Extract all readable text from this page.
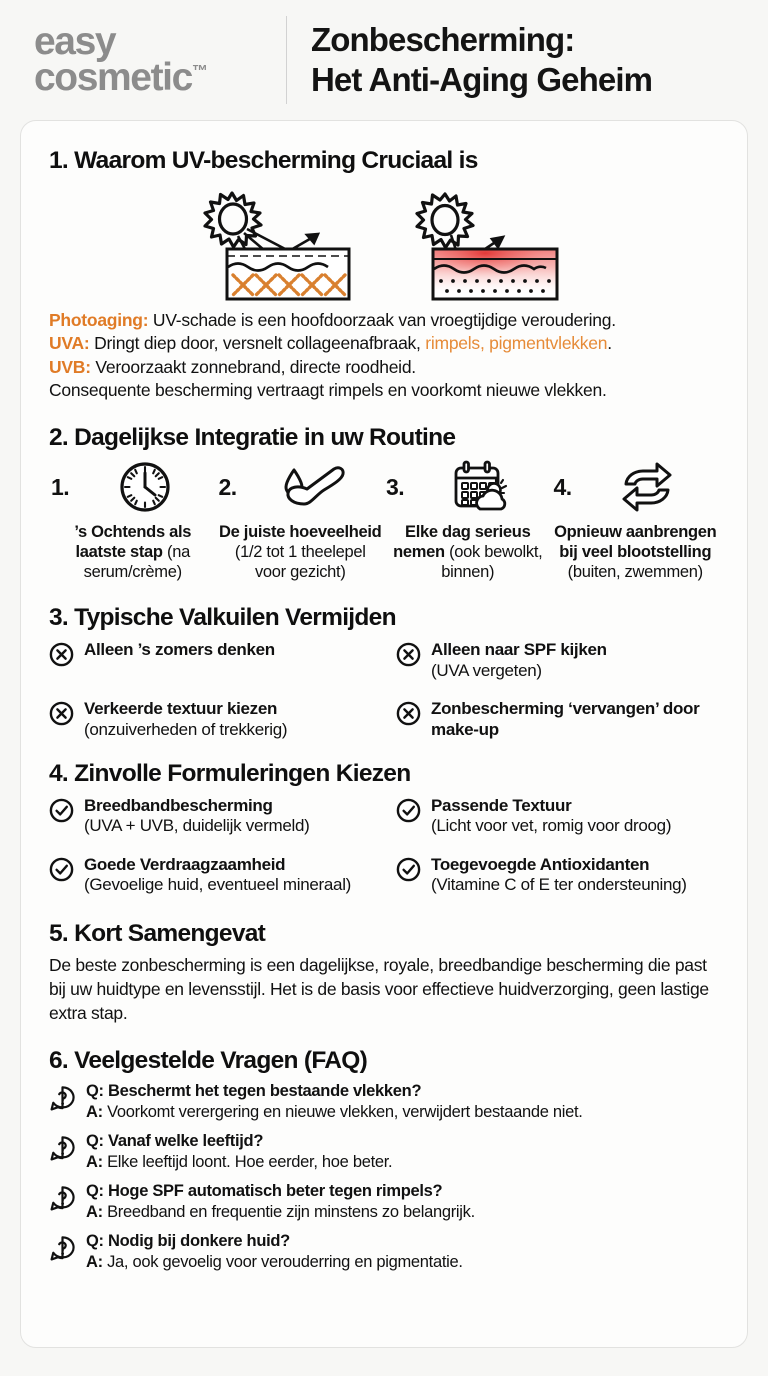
easy
cosmetic™
Zonbescherming:
Het Anti-Aging Geheim
1. Waarom UV-bescherming Cruciaal is
Photoaging: UV-schade is een hoofdoorzaak van vroegtijdige veroudering.
UVA: Dringt diep door, versnelt collageenafbraak, rimpels, pigmentvlekken.
UVB: Veroorzaakt zonnebrand, directe roodheid.
Consequente bescherming vertraagt rimpels en voorkomt nieuwe vlekken.
2. Dagelijkse Integratie in uw Routine
1.
’s Ochtends als laatste stap (na serum/crème)
2.
De juiste hoeveelheid (1/2 tot 1 theelepel voor gezicht)
3.
Elke dag serieus nemen (ook bewolkt, binnen)
4.
Opnieuw aanbrengen bij veel blootstelling (buiten, zwemmen)
3. Typische Valkuilen Vermijden
Alleen ’s zomers denken	Alleen naar SPF kijken
(UVA vergeten)
Verkeerde textuur kiezen
(onzuiverheden of trekkerig)
Zonbescherming ‘vervangen’ door make-up
4. Zinvolle Formuleringen Kiezen
Breedbandbescherming
(UVA + UVB, duidelijk vermeld)
Passende Textuur
(Licht voor vet, romig voor droog)
Goede Verdraagzaamheid
(Gevoelige huid, eventueel mineraal)
Toegevoegde Antioxidanten
(Vitamine C of E ter ondersteuning)
5. Kort Samengevat

De beste zonbescherming is een dagelijkse, royale, breedbandige bescherming die past bij uw huidtype en levensstijl. Het is de basis voor effectieve huidverzorging, geen lastige extra stap.

6. Veelgestelde Vragen (FAQ)
Q: Beschermt het tegen bestaande vlekken?
A: Voorkomt verergering en nieuwe vlekken, verwijdert bestaande niet.
Q: Vanaf welke leeftijd?
A: Elke leeftijd loont. Hoe eerder, hoe beter.
Q: Hoge SPF automatisch beter tegen rimpels?
A: Breedband en frequentie zijn minstens zo belangrijk.
Q: Nodig bij donkere huid?
A: Ja, ook gevoelig voor verouderring en pigmentatie.
